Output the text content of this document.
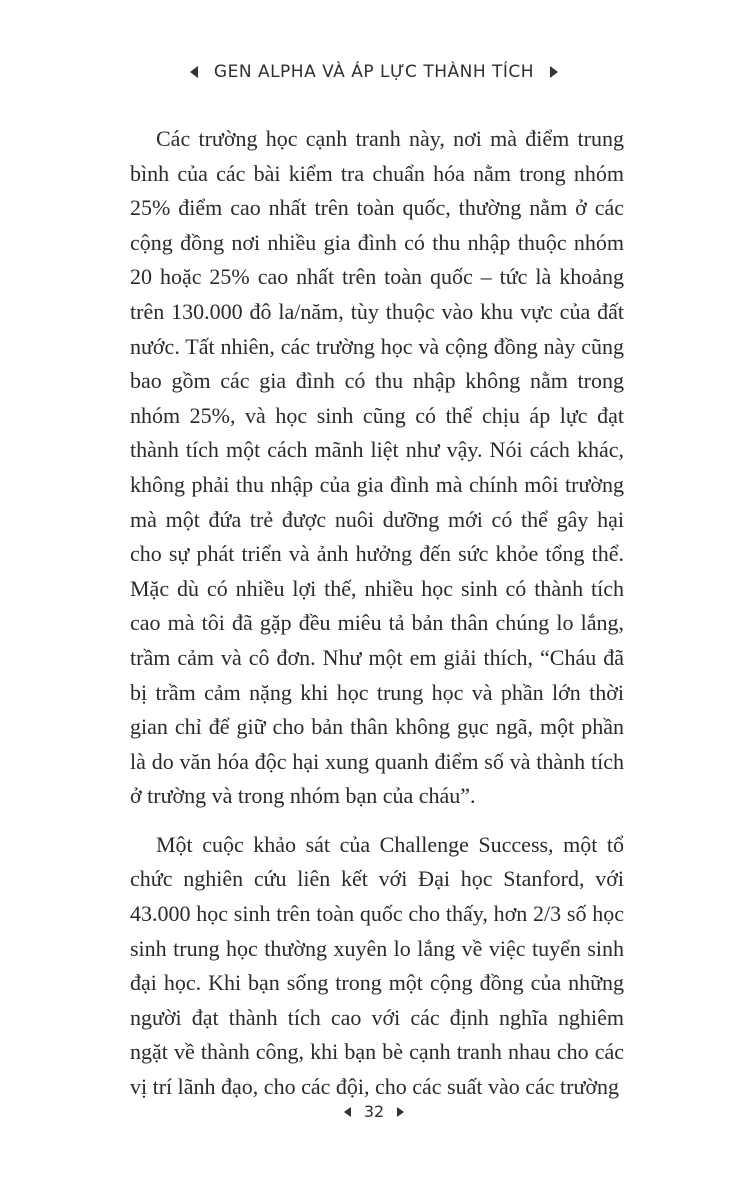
GEN ALPHA VÀ ÁP LỰC THÀNH TÍCH

Các trường học cạnh tranh này, nơi mà điểm trung bình của các bài kiểm tra chuẩn hóa nằm trong nhóm 25% điểm cao nhất trên toàn quốc, thường nằm ở các cộng đồng nơi nhiều gia đình có thu nhập thuộc nhóm 20 hoặc 25% cao nhất trên toàn quốc – tức là khoảng trên 130.000 đô la/năm, tùy thuộc vào khu vực của đất nước. Tất nhiên, các trường học và cộng đồng này cũng bao gồm các gia đình có thu nhập không nằm trong nhóm 25%, và học sinh cũng có thể chịu áp lực đạt thành tích một cách mãnh liệt như vậy. Nói cách khác, không phải thu nhập của gia đình mà chính môi trường mà một đứa trẻ được nuôi dưỡng mới có thể gây hại cho sự phát triển và ảnh hưởng đến sức khỏe tổng thể. Mặc dù có nhiều lợi thế, nhiều học sinh có thành tích cao mà tôi đã gặp đều miêu tả bản thân chúng lo lắng, trầm cảm và cô đơn. Như một em giải thích, “Cháu đã bị trầm cảm nặng khi học trung học và phần lớn thời gian chỉ để giữ cho bản thân không gục ngã, một phần là do văn hóa độc hại xung quanh điểm số và thành tích ở trường và trong nhóm bạn của cháu”.

Một cuộc khảo sát của Challenge Success, một tổ chức nghiên cứu liên kết với Đại học Stanford, với 43.000 học sinh trên toàn quốc cho thấy, hơn 2/3 số học sinh trung học thường xuyên lo lắng về việc tuyển sinh đại học. Khi bạn sống trong một cộng đồng của những người đạt thành tích cao với các định nghĩa nghiêm ngặt về thành công, khi bạn bè cạnh tranh nhau cho các vị trí lãnh đạo, cho các đội, cho các suất vào các trường

32
